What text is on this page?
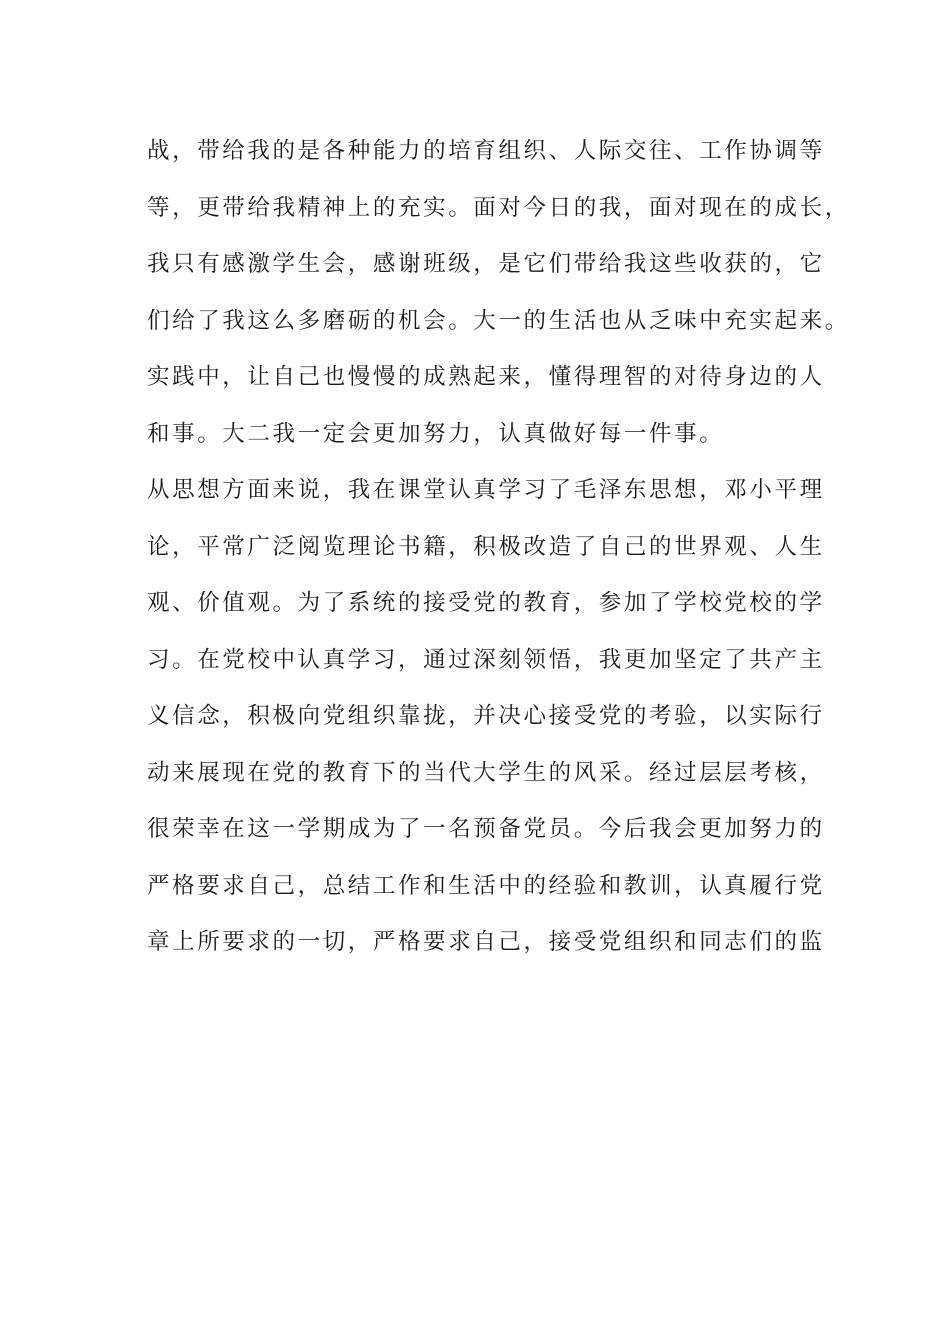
战，带给我的是各种能力的培育组织、人际交往、工作协调等
等，更带给我精神上的充实。面对今日的我，面对现在的成长，
我只有感激学生会，感谢班级，是它们带给我这些收获的，它
们给了我这么多磨砺的机会。大一的生活也从乏味中充实起来。
实践中，让自己也慢慢的成熟起来，懂得理智的对待身边的人
和事。大二我一定会更加努力，认真做好每一件事。
从思想方面来说，我在课堂认真学习了毛泽东思想，邓小平理
论，平常广泛阅览理论书籍，积极改造了自己的世界观、人生
观、价值观。为了系统的接受党的教育，参加了学校党校的学
习。在党校中认真学习，通过深刻领悟，我更加坚定了共产主
义信念，积极向党组织靠拢，并决心接受党的考验，以实际行
动来展现在党的教育下的当代大学生的风采。经过层层考核，
很荣幸在这一学期成为了一名预备党员。今后我会更加努力的
严格要求自己，总结工作和生活中的经验和教训，认真履行党
章上所要求的一切，严格要求自己，接受党组织和同志们的监
